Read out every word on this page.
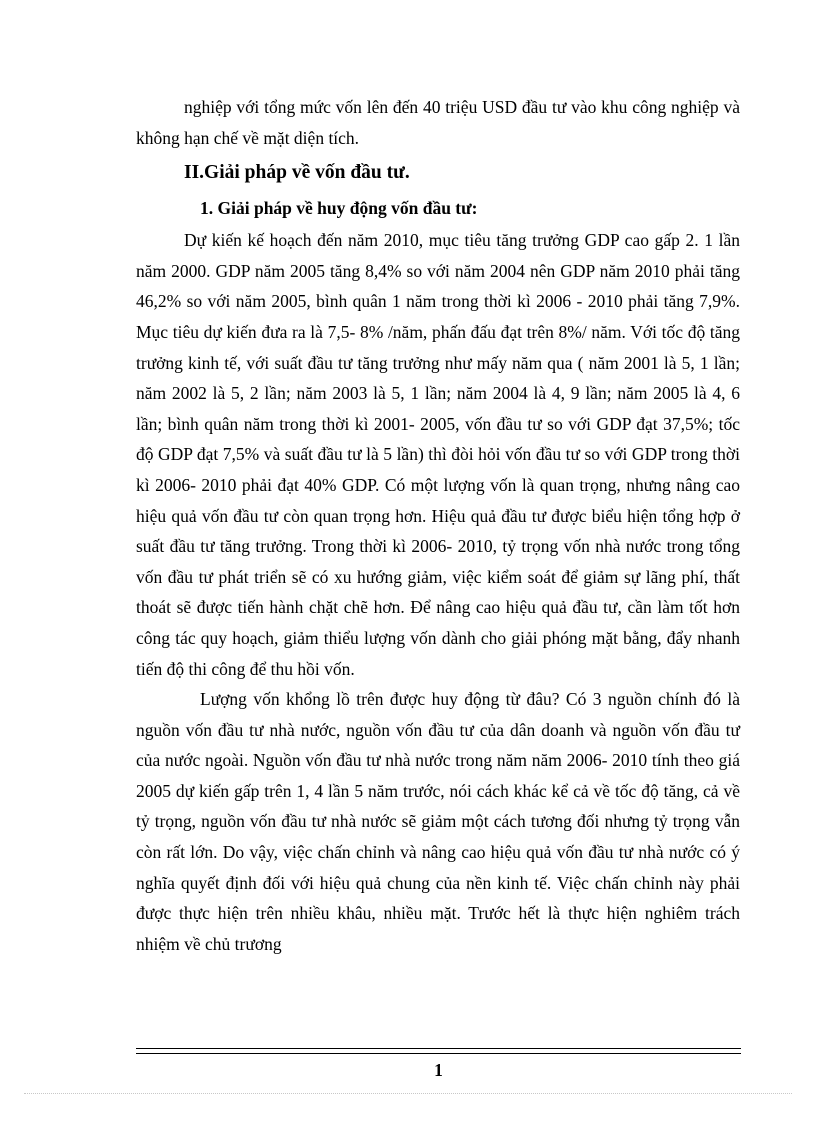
nghiệp với tổng mức vốn lên đến 40 triệu USD đầu tư vào khu công nghiệp và không hạn chế về mặt diện tích.

II.Giải pháp về vốn đầu tư.
1. Giải pháp về huy động vốn đầu tư:

Dự kiến kế hoạch đến năm 2010, mục tiêu tăng trưởng GDP cao gấp 2. 1 lần năm 2000. GDP năm 2005 tăng 8,4% so với năm 2004 nên GDP năm 2010 phải tăng 46,2% so với năm 2005, bình quân 1 năm trong thời kì 2006 - 2010 phải tăng 7,9%. Mục tiêu dự kiến đưa ra là 7,5- 8% /năm, phấn đấu đạt trên 8%/ năm. Với tốc độ tăng trưởng kinh tế, với suất đầu tư tăng trưởng như mấy năm qua ( năm 2001 là 5, 1 lần; năm 2002 là 5, 2 lần; năm 2003 là 5, 1 lần; năm 2004 là 4, 9 lần; năm 2005 là 4, 6 lần; bình quân năm trong thời kì 2001- 2005, vốn đầu tư so với GDP đạt 37,5%; tốc độ GDP đạt 7,5% và suất đầu tư là 5 lần) thì đòi hỏi vốn đầu tư so với GDP trong thời kì 2006- 2010 phải đạt 40% GDP. Có một lượng vốn là quan trọng, nhưng nâng cao hiệu quả vốn đầu tư còn quan trọng hơn. Hiệu quả đầu tư được biểu hiện tổng hợp ở suất đầu tư tăng trưởng. Trong thời kì 2006- 2010, tỷ trọng vốn nhà nước trong tổng vốn đầu tư phát triển sẽ có xu hướng giảm, việc kiểm soát để giảm sự lãng phí, thất thoát sẽ được tiến hành chặt chẽ hơn. Để nâng cao hiệu quả đầu tư, cần làm tốt hơn công tác quy hoạch, giảm thiểu lượng vốn dành cho giải phóng mặt bằng, đẩy nhanh tiến độ thi công để thu hồi vốn.

Lượng vốn khổng lồ trên được huy động từ đâu? Có 3 nguồn chính đó là nguồn vốn đầu tư nhà nước, nguồn vốn đầu tư của dân doanh và nguồn vốn đầu tư của nước ngoài. Nguồn vốn đầu tư nhà nước trong năm năm 2006- 2010 tính theo giá 2005 dự kiến gấp trên 1, 4 lần 5 năm trước, nói cách khác kể cả về tốc độ tăng, cả về tỷ trọng, nguồn vốn đầu tư nhà nước sẽ giảm một cách tương đối nhưng tỷ trọng vẫn còn rất lớn. Do vậy, việc chấn chỉnh và nâng cao hiệu quả vốn đầu tư nhà nước có ý nghĩa quyết định đối với hiệu quả chung của nền kinh tế. Việc chấn chỉnh này phải được thực hiện trên nhiều khâu, nhiều mặt. Trước hết là thực hiện nghiêm trách nhiệm về chủ trương

1
